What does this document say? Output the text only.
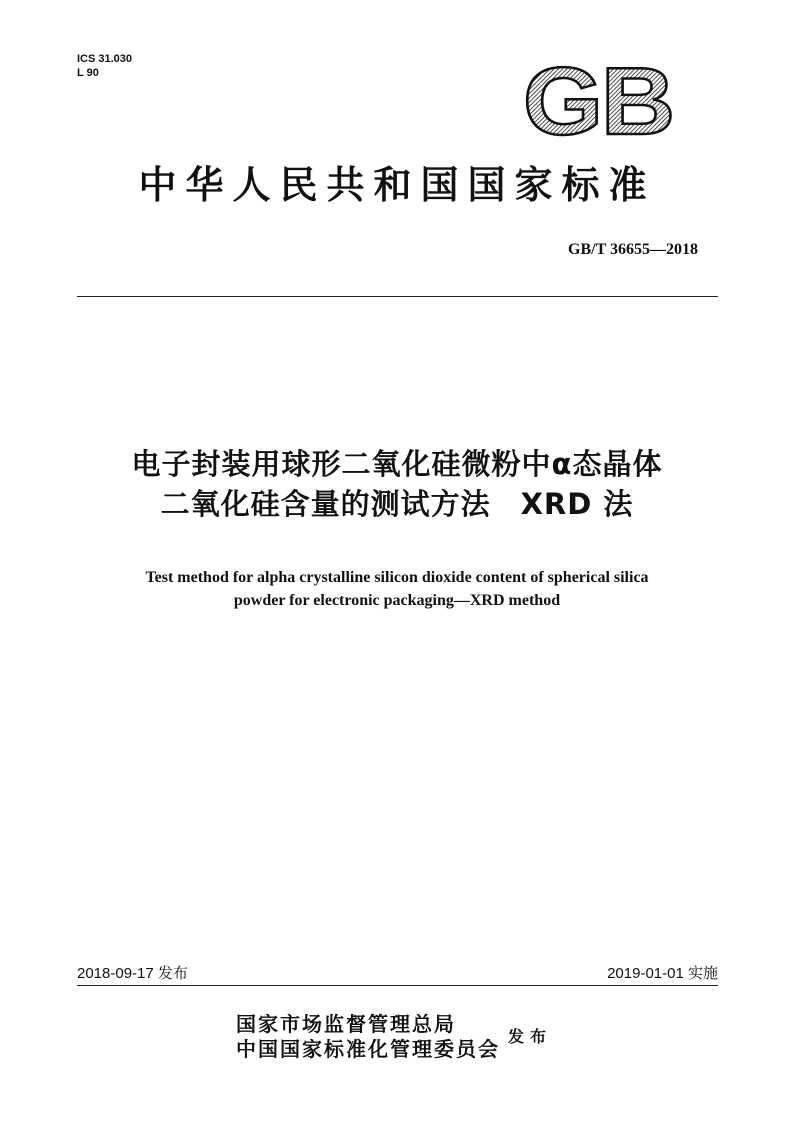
ICS 31.030
L 90	GB
中华人民共和国国家标准
GB/T 36655—2018
电子封装用球形二氧化硅微粉中α态晶体
二氧化硅含量的测试方法　XRD 法
Test method for alpha crystalline silicon dioxide content of spherical silica
powder for electronic packaging—XRD method
2018-09-17 发布	2019-01-01 实施
国家市场监督管理总局
中国国家标准化管理委员会
发布
